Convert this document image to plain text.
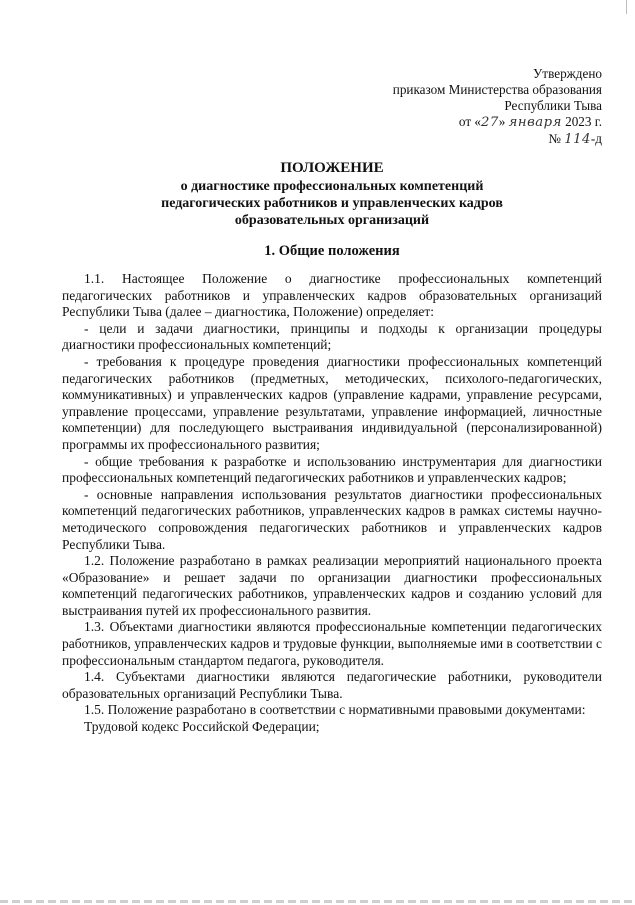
Утверждено
приказом Министерства образования
Республики Тыва
от «27» января 2023 г.
№ 114-д
ПОЛОЖЕНИЕ
о диагностике профессиональных компетенций
педагогических работников и управленческих кадров
образовательных организаций
1. Общие положения

1.1. Настоящее Положение о диагностике профессиональных компетенций педагогических работников и управленческих кадров образовательных организаций Республики Тыва (далее – диагностика, Положение) определяет:

- цели и задачи диагностики, принципы и подходы к организации процедуры диагностики профессиональных компетенций;

- требования к процедуре проведения диагностики профессиональных компетенций педагогических работников (предметных, методических, психолого-педагогических, коммуникативных) и управленческих кадров (управление кадрами, управление ресурсами, управление процессами, управление результатами, управление информацией, личностные компетенции) для последующего выстраивания индивидуальной (персонализированной) программы их профессионального развития;

- общие требования к разработке и использованию инструментария для диагностики профессиональных компетенций педагогических работников и управленческих кадров;

- основные направления использования результатов диагностики профессиональных компетенций педагогических работников, управленческих кадров в рамках системы научно-методического сопровождения педагогических работников и управленческих кадров Республики Тыва.

1.2. Положение разработано в рамках реализации мероприятий национального проекта «Образование» и решает задачи по организации диагностики профессиональных компетенций педагогических работников, управленческих кадров и созданию условий для выстраивания путей их профессионального развития.

1.3. Объектами диагностики являются профессиональные компетенции педагогических работников, управленческих кадров и трудовые функции, выполняемые ими в соответствии с профессиональным стандартом педагога, руководителя.

1.4. Субъектами диагностики являются педагогические работники, руководители образовательных организаций Республики Тыва.

1.5. Положение разработано в соответствии с нормативными правовыми документами:

Трудовой кодекс Российской Федерации;
